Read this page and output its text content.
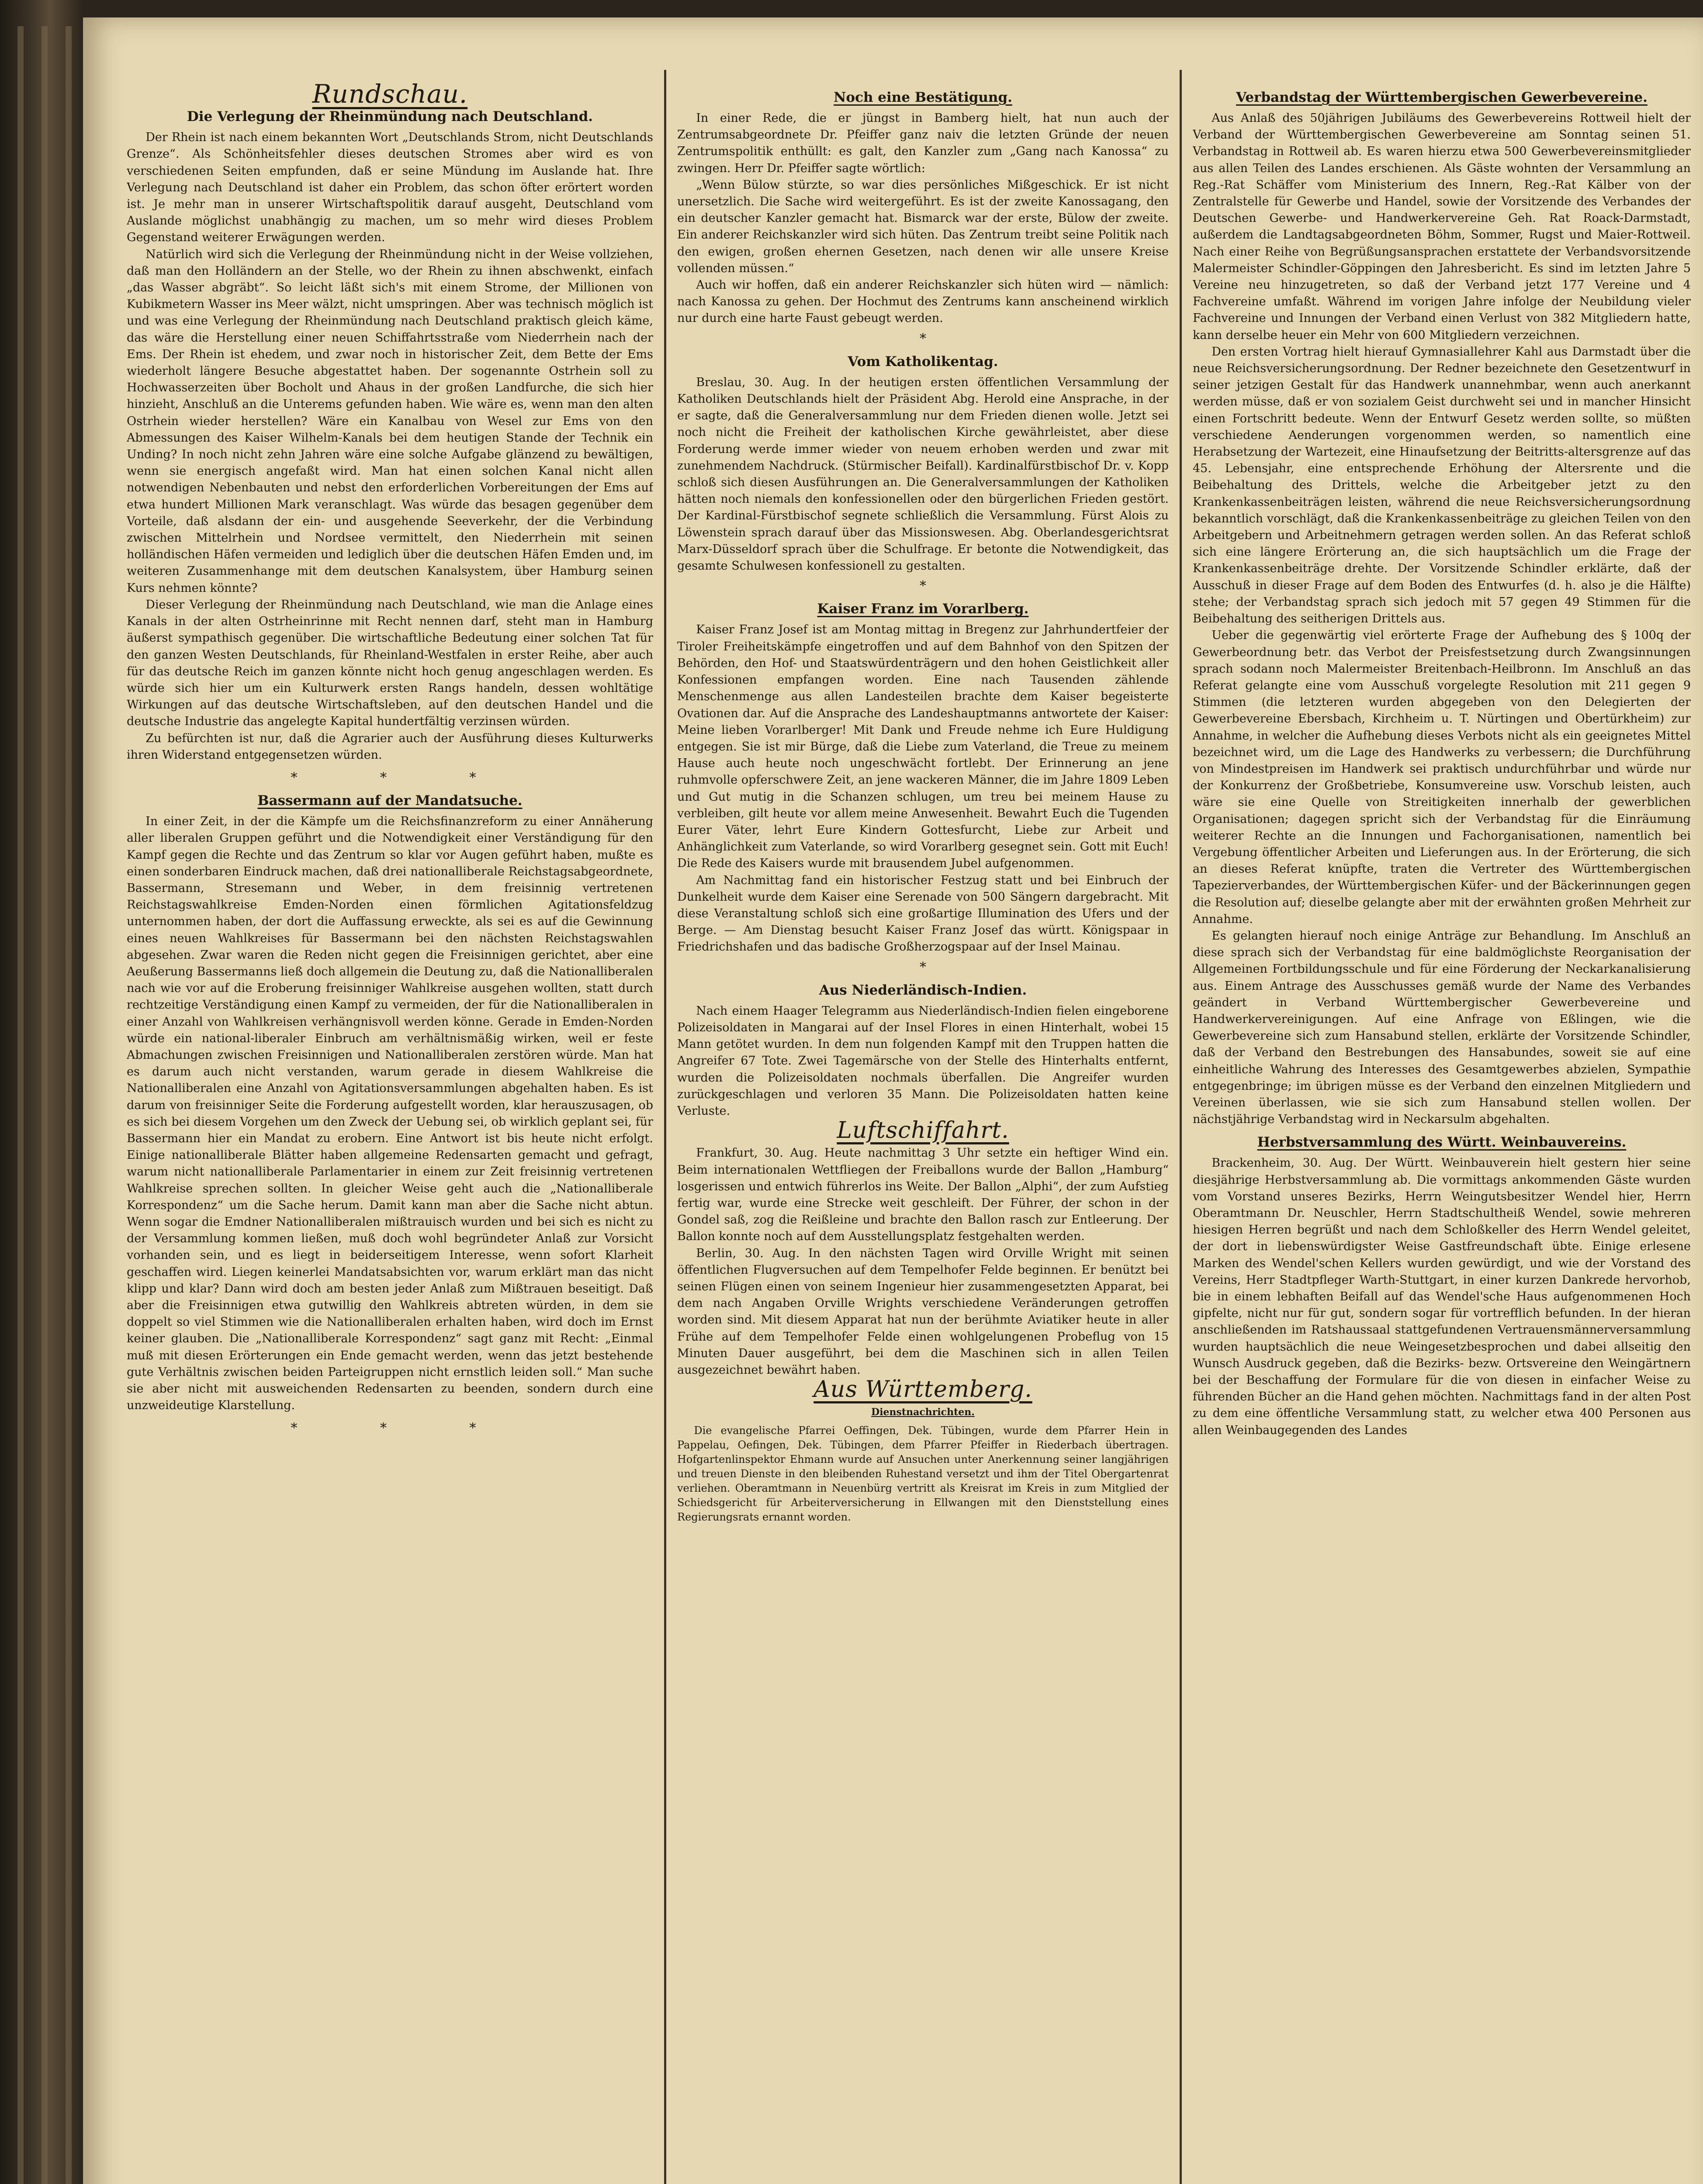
Rundschau.
Die Verlegung der Rheinmündung nach Deutschland.

Der Rhein ist nach einem bekannten Wort „Deutschlands Strom, nicht Deutschlands Grenze“. Als Schönheitsfehler dieses deutschen Stromes aber wird es von verschiedenen Seiten empfunden, daß er seine Mündung im Auslande hat. Ihre Verlegung nach Deutschland ist daher ein Problem, das schon öfter erörtert worden ist. Je mehr man in unserer Wirtschaftspolitik darauf ausgeht, Deutschland vom Auslande möglichst unabhängig zu machen, um so mehr wird dieses Problem Gegenstand weiterer Erwägungen werden.

Natürlich wird sich die Verlegung der Rheinmündung nicht in der Weise vollziehen, daß man den Holländern an der Stelle, wo der Rhein zu ihnen abschwenkt, einfach „das Wasser abgräbt“. So leicht läßt sich's mit einem Strome, der Millionen von Kubikmetern Wasser ins Meer wälzt, nicht umspringen. Aber was technisch möglich ist und was eine Verlegung der Rheinmündung nach Deutschland praktisch gleich käme, das wäre die Herstellung einer neuen Schiffahrtsstraße vom Niederrhein nach der Ems. Der Rhein ist ehedem, und zwar noch in historischer Zeit, dem Bette der Ems wiederholt längere Besuche abgestattet haben. Der sogenannte Ostrhein soll zu Hochwasserzeiten über Bocholt und Ahaus in der großen Landfurche, die sich hier hinzieht, Anschluß an die Unterems gefunden haben. Wie wäre es, wenn man den alten Ostrhein wieder herstellen? Wäre ein Kanalbau von Wesel zur Ems von den Abmessungen des Kaiser Wilhelm-Kanals bei dem heutigen Stande der Technik ein Unding? In noch nicht zehn Jahren wäre eine solche Aufgabe glänzend zu bewältigen, wenn sie energisch angefaßt wird. Man hat einen solchen Kanal nicht allen notwendigen Nebenbauten und nebst den erforderlichen Vorbereitungen der Ems auf etwa hundert Millionen Mark veranschlagt. Was würde das besagen gegenüber dem Vorteile, daß alsdann der ein- und ausgehende Seeverkehr, der die Verbindung zwischen Mittelrhein und Nordsee vermittelt, den Niederrhein mit seinen holländischen Häfen vermeiden und lediglich über die deutschen Häfen Emden und, im weiteren Zusammenhange mit dem deutschen Kanalsystem, über Hamburg seinen Kurs nehmen könnte?

Dieser Verlegung der Rheinmündung nach Deutschland, wie man die Anlage eines Kanals in der alten Ostrheinrinne mit Recht nennen darf, steht man in Hamburg äußerst sympathisch gegenüber. Die wirtschaftliche Bedeutung einer solchen Tat für den ganzen Westen Deutschlands, für Rheinland-Westfalen in erster Reihe, aber auch für das deutsche Reich im ganzen könnte nicht hoch genug angeschlagen werden. Es würde sich hier um ein Kulturwerk ersten Rangs handeln, dessen wohltätige Wirkungen auf das deutsche Wirtschaftsleben, auf den deutschen Handel und die deutsche Industrie das angelegte Kapital hundertfältig verzinsen würden.

Zu befürchten ist nur, daß die Agrarier auch der Ausführung dieses Kulturwerks ihren Widerstand entgegensetzen würden.

* * *
Bassermann auf der Mandatsuche.

In einer Zeit, in der die Kämpfe um die Reichsfinanzreform zu einer Annäherung aller liberalen Gruppen geführt und die Notwendigkeit einer Verständigung für den Kampf gegen die Rechte und das Zentrum so klar vor Augen geführt haben, mußte es einen sonderbaren Eindruck machen, daß drei nationalliberale Reichstagsabgeordnete, Bassermann, Stresemann und Weber, in dem freisinnig vertretenen Reichstagswahlkreise Emden-Norden einen förmlichen Agitationsfeldzug unternommen haben, der dort die Auffassung erweckte, als sei es auf die Gewinnung eines neuen Wahlkreises für Bassermann bei den nächsten Reichstagswahlen abgesehen. Zwar waren die Reden nicht gegen die Freisinnigen gerichtet, aber eine Aeußerung Bassermanns ließ doch allgemein die Deutung zu, daß die Nationalliberalen nach wie vor auf die Eroberung freisinniger Wahlkreise ausgehen wollten, statt durch rechtzeitige Verständigung einen Kampf zu vermeiden, der für die Nationalliberalen in einer Anzahl von Wahlkreisen verhängnisvoll werden könne. Gerade in Emden-Norden würde ein national-liberaler Einbruch am verhältnismäßig wirken, weil er feste Abmachungen zwischen Freisinnigen und Nationalliberalen zerstören würde. Man hat es darum auch nicht verstanden, warum gerade in diesem Wahlkreise die Nationalliberalen eine Anzahl von Agitationsversammlungen abgehalten haben. Es ist darum von freisinniger Seite die Forderung aufgestellt worden, klar herauszusagen, ob es sich bei diesem Vorgehen um den Zweck der Uebung sei, ob wirklich geplant sei, für Bassermann hier ein Mandat zu erobern. Eine Antwort ist bis heute nicht erfolgt. Einige nationalliberale Blätter haben allgemeine Redensarten gemacht und gefragt, warum nicht nationalliberale Parlamentarier in einem zur Zeit freisinnig vertretenen Wahlkreise sprechen sollten. In gleicher Weise geht auch die „Nationalliberale Korrespondenz“ um die Sache herum. Damit kann man aber die Sache nicht abtun. Wenn sogar die Emdner Nationalliberalen mißtrauisch wurden und bei sich es nicht zu der Versammlung kommen ließen, muß doch wohl begründeter Anlaß zur Vorsicht vorhanden sein, und es liegt in beiderseitigem Interesse, wenn sofort Klarheit geschaffen wird. Liegen keinerlei Mandatsabsichten vor, warum erklärt man das nicht klipp und klar? Dann wird doch am besten jeder Anlaß zum Mißtrauen beseitigt. Daß aber die Freisinnigen etwa gutwillig den Wahlkreis abtreten würden, in dem sie doppelt so viel Stimmen wie die Nationalliberalen erhalten haben, wird doch im Ernst keiner glauben. Die „Nationalliberale Korrespondenz“ sagt ganz mit Recht: „Einmal muß mit diesen Erörterungen ein Ende gemacht werden, wenn das jetzt bestehende gute Verhältnis zwischen beiden Parteigruppen nicht ernstlich leiden soll.“ Man suche sie aber nicht mit ausweichenden Redensarten zu beenden, sondern durch eine unzweideutige Klarstellung.

* * *
Noch eine Bestätigung.

In einer Rede, die er jüngst in Bamberg hielt, hat nun auch der Zentrumsabgeordnete Dr. Pfeiffer ganz naiv die letzten Gründe der neuen Zentrumspolitik enthüllt: es galt, den Kanzler zum „Gang nach Kanossa“ zu zwingen. Herr Dr. Pfeiffer sagte wörtlich:

„Wenn Bülow stürzte, so war dies persönliches Mißgeschick. Er ist nicht unersetzlich. Die Sache wird weitergeführt. Es ist der zweite Kanossagang, den ein deutscher Kanzler gemacht hat. Bismarck war der erste, Bülow der zweite. Ein anderer Reichskanzler wird sich hüten. Das Zentrum treibt seine Politik nach den ewigen, großen ehernen Gesetzen, nach denen wir alle unsere Kreise vollenden müssen.“

Auch wir hoffen, daß ein anderer Reichskanzler sich hüten wird — nämlich: nach Kanossa zu gehen. Der Hochmut des Zentrums kann anscheinend wirklich nur durch eine harte Faust gebeugt werden.

*
Vom Katholikentag.

Breslau, 30. Aug. In der heutigen ersten öffentlichen Versammlung der Katholiken Deutschlands hielt der Präsident Abg. Herold eine Ansprache, in der er sagte, daß die Generalversammlung nur dem Frieden dienen wolle. Jetzt sei noch nicht die Freiheit der katholischen Kirche gewährleistet, aber diese Forderung werde immer wieder von neuem erhoben werden und zwar mit zunehmendem Nachdruck. (Stürmischer Beifall). Kardinalfürstbischof Dr. v. Kopp schloß sich diesen Ausführungen an. Die Generalversammlungen der Katholiken hätten noch niemals den konfessionellen oder den bürgerlichen Frieden gestört. Der Kardinal-Fürstbischof segnete schließlich die Versammlung. Fürst Alois zu Löwenstein sprach darauf über das Missionswesen. Abg. Oberlandesgerichtsrat Marx-Düsseldorf sprach über die Schulfrage. Er betonte die Notwendigkeit, das gesamte Schulwesen konfessionell zu gestalten.

*
Kaiser Franz im Vorarlberg.

Kaiser Franz Josef ist am Montag mittag in Bregenz zur Jahrhundertfeier der Tiroler Freiheitskämpfe eingetroffen und auf dem Bahnhof von den Spitzen der Behörden, den Hof- und Staatswürdenträgern und den hohen Geistlichkeit aller Konfessionen empfangen worden. Eine nach Tausenden zählende Menschenmenge aus allen Landesteilen brachte dem Kaiser begeisterte Ovationen dar. Auf die Ansprache des Landeshauptmanns antwortete der Kaiser: Meine lieben Vorarlberger! Mit Dank und Freude nehme ich Eure Huldigung entgegen. Sie ist mir Bürge, daß die Liebe zum Vaterland, die Treue zu meinem Hause auch heute noch ungeschwächt fortlebt. Der Erinnerung an jene ruhmvolle opferschwere Zeit, an jene wackeren Männer, die im Jahre 1809 Leben und Gut mutig in die Schanzen schlugen, um treu bei meinem Hause zu verbleiben, gilt heute vor allem meine Anwesenheit. Bewahrt Euch die Tugenden Eurer Väter, lehrt Eure Kindern Gottesfurcht, Liebe zur Arbeit und Anhänglichkeit zum Vaterlande, so wird Vorarlberg gesegnet sein. Gott mit Euch! Die Rede des Kaisers wurde mit brausendem Jubel aufgenommen.

Am Nachmittag fand ein historischer Festzug statt und bei Einbruch der Dunkelheit wurde dem Kaiser eine Serenade von 500 Sängern dargebracht. Mit diese Veranstaltung schloß sich eine großartige Illumination des Ufers und der Berge. — Am Dienstag besucht Kaiser Franz Josef das württ. Königspaar in Friedrichshafen und das badische Großherzogspaar auf der Insel Mainau.

*
Aus Niederländisch-Indien.

Nach einem Haager Telegramm aus Niederländisch-Indien fielen eingeborene Polizeisoldaten in Mangarai auf der Insel Flores in einen Hinterhalt, wobei 15 Mann getötet wurden. In dem nun folgenden Kampf mit den Truppen hatten die Angreifer 67 Tote. Zwei Tagemärsche von der Stelle des Hinterhalts entfernt, wurden die Polizeisoldaten nochmals überfallen. Die Angreifer wurden zurückgeschlagen und verloren 35 Mann. Die Polizeisoldaten hatten keine Verluste.

Luftschiffahrt.

Frankfurt, 30. Aug. Heute nachmittag 3 Uhr setzte ein heftiger Wind ein. Beim internationalen Wettfliegen der Freiballons wurde der Ballon „Hamburg“ losgerissen und entwich führerlos ins Weite. Der Ballon „Alphi“, der zum Aufstieg fertig war, wurde eine Strecke weit geschleift. Der Führer, der schon in der Gondel saß, zog die Reißleine und brachte den Ballon rasch zur Entleerung. Der Ballon konnte noch auf dem Ausstellungsplatz festgehalten werden.

Berlin, 30. Aug. In den nächsten Tagen wird Orville Wright mit seinen öffentlichen Flugversuchen auf dem Tempelhofer Felde beginnen. Er benützt bei seinen Flügen einen von seinem Ingenieur hier zusammengesetzten Apparat, bei dem nach Angaben Orville Wrights verschiedene Veränderungen getroffen worden sind. Mit diesem Apparat hat nun der berühmte Aviatiker heute in aller Frühe auf dem Tempelhofer Felde einen wohlgelungenen Probeflug von 15 Minuten Dauer ausgeführt, bei dem die Maschinen sich in allen Teilen ausgezeichnet bewährt haben.

Aus Württemberg.
Dienstnachrichten.

Die evangelische Pfarrei Oeffingen, Dek. Tübingen, wurde dem Pfarrer Hein in Pappelau, Oefingen, Dek. Tübingen, dem Pfarrer Pfeiffer in Riederbach übertragen. Hofgartenlinspektor Ehmann wurde auf Ansuchen unter Anerkennung seiner langjährigen und treuen Dienste in den bleibenden Ruhestand versetzt und ihm der Titel Obergartenrat verliehen. Oberamtmann in Neuenbürg vertritt als Kreisrat im Kreis in zum Mitglied der Schiedsgericht für Arbeiterversicherung in Ellwangen mit den Dienststellung eines Regierungsrats ernannt worden.

Verbandstag der Württembergischen Gewerbevereine.

Aus Anlaß des 50jährigen Jubiläums des Gewerbevereins Rottweil hielt der Verband der Württembergischen Gewerbevereine am Sonntag seinen 51. Verbandstag in Rottweil ab. Es waren hierzu etwa 500 Gewerbevereinsmitglieder aus allen Teilen des Landes erschienen. Als Gäste wohnten der Versammlung an Reg.-Rat Schäffer vom Ministerium des Innern, Reg.-Rat Kälber von der Zentralstelle für Gewerbe und Handel, sowie der Vorsitzende des Verbandes der Deutschen Gewerbe- und Handwerkervereine Geh. Rat Roack-Darmstadt, außerdem die Landtagsabgeordneten Böhm, Sommer, Rugst und Maier-Rottweil. Nach einer Reihe von Begrüßungsansprachen erstattete der Verbandsvorsitzende Malermeister Schindler-Göppingen den Jahresbericht. Es sind im letzten Jahre 5 Vereine neu hinzugetreten, so daß der Verband jetzt 177 Vereine und 4 Fachvereine umfaßt. Während im vorigen Jahre infolge der Neubildung vieler Fachvereine und Innungen der Verband einen Verlust von 382 Mitgliedern hatte, kann derselbe heuer ein Mehr von 600 Mitgliedern verzeichnen.

Den ersten Vortrag hielt hierauf Gymnasiallehrer Kahl aus Darmstadt über die neue Reichsversicherungsordnung. Der Redner bezeichnete den Gesetzentwurf in seiner jetzigen Gestalt für das Handwerk unannehmbar, wenn auch anerkannt werden müsse, daß er von sozialem Geist durchweht sei und in mancher Hinsicht einen Fortschritt bedeute. Wenn der Entwurf Gesetz werden sollte, so müßten verschiedene Aenderungen vorgenommen werden, so namentlich eine Herabsetzung der Wartezeit, eine Hinaufsetzung der Beitritts-altersgrenze auf das 45. Lebensjahr, eine entsprechende Erhöhung der Altersrente und die Beibehaltung des Drittels, welche die Arbeitgeber jetzt zu den Krankenkassenbeiträgen leisten, während die neue Reichsversicherungsordnung bekanntlich vorschlägt, daß die Krankenkassenbeiträge zu gleichen Teilen von den Arbeitgebern und Arbeitnehmern getragen werden sollen. An das Referat schloß sich eine längere Erörterung an, die sich hauptsächlich um die Frage der Krankenkassenbeiträge drehte. Der Vorsitzende Schindler erklärte, daß der Ausschuß in dieser Frage auf dem Boden des Entwurfes (d. h. also je die Hälfte) stehe; der Verbandstag sprach sich jedoch mit 57 gegen 49 Stimmen für die Beibehaltung des seitherigen Drittels aus.

Ueber die gegenwärtig viel erörterte Frage der Aufhebung des § 100q der Gewerbeordnung betr. das Verbot der Preisfestsetzung durch Zwangsinnungen sprach sodann noch Malermeister Breitenbach-Heilbronn. Im Anschluß an das Referat gelangte eine vom Ausschuß vorgelegte Resolution mit 211 gegen 9 Stimmen (die letzteren wurden abgegeben von den Delegierten der Gewerbevereine Ebersbach, Kirchheim u. T. Nürtingen und Obertürkheim) zur Annahme, in welcher die Aufhebung dieses Verbots nicht als ein geeignetes Mittel bezeichnet wird, um die Lage des Handwerks zu verbessern; die Durchführung von Mindestpreisen im Handwerk sei praktisch undurchführbar und würde nur der Konkurrenz der Großbetriebe, Konsumvereine usw. Vorschub leisten, auch wäre sie eine Quelle von Streitigkeiten innerhalb der gewerblichen Organisationen; dagegen spricht sich der Verbandstag für die Einräumung weiterer Rechte an die Innungen und Fachorganisationen, namentlich bei Vergebung öffentlicher Arbeiten und Lieferungen aus. In der Erörterung, die sich an dieses Referat knüpfte, traten die Vertreter des Württembergischen Tapezierverbandes, der Württembergischen Küfer- und der Bäckerinnungen gegen die Resolution auf; dieselbe gelangte aber mit der erwähnten großen Mehrheit zur Annahme.

Es gelangten hierauf noch einige Anträge zur Behandlung. Im Anschluß an diese sprach sich der Verbandstag für eine baldmöglichste Reorganisation der Allgemeinen Fortbildungsschule und für eine Förderung der Neckarkanalisierung aus. Einem Antrage des Ausschusses gemäß wurde der Name des Verbandes geändert in Verband Württembergischer Gewerbevereine und Handwerkervereinigungen. Auf eine Anfrage von Eßlingen, wie die Gewerbevereine sich zum Hansabund stellen, erklärte der Vorsitzende Schindler, daß der Verband den Bestrebungen des Hansabundes, soweit sie auf eine einheitliche Wahrung des Interesses des Gesamtgewerbes abzielen, Sympathie entgegenbringe; im übrigen müsse es der Verband den einzelnen Mitgliedern und Vereinen überlassen, wie sie sich zum Hansabund stellen wollen. Der nächstjährige Verbandstag wird in Neckarsulm abgehalten.

Herbstversammlung des Württ. Weinbauvereins.

Brackenheim, 30. Aug. Der Württ. Weinbauverein hielt gestern hier seine diesjährige Herbstversammlung ab. Die vormittags ankommenden Gäste wurden vom Vorstand unseres Bezirks, Herrn Weingutsbesitzer Wendel hier, Herrn Oberamtmann Dr. Neuschler, Herrn Stadtschultheiß Wendel, sowie mehreren hiesigen Herren begrüßt und nach dem Schloßkeller des Herrn Wendel geleitet, der dort in liebenswürdigster Weise Gastfreundschaft übte. Einige erlesene Marken des Wendel'schen Kellers wurden gewürdigt, und wie der Vorstand des Vereins, Herr Stadtpfleger Warth-Stuttgart, in einer kurzen Dankrede hervorhob, bie in einem lebhaften Beifall auf das Wendel'sche Haus aufgenommenen Hoch gipfelte, nicht nur für gut, sondern sogar für vortrefflich befunden. In der hieran anschließenden im Ratshaussaal stattgefundenen Vertrauensmännerversammlung wurden hauptsächlich die neue Weingesetzbesprochen und dabei allseitig den Wunsch Ausdruck gegeben, daß die Bezirks- bezw. Ortsvereine den Weingärtnern bei der Beschaffung der Formulare für die von diesen in einfacher Weise zu führenden Bücher an die Hand gehen möchten. Nachmittags fand in der alten Post zu dem eine öffentliche Versammlung statt, zu welcher etwa 400 Personen aus allen Weinbaugegenden des Landes
